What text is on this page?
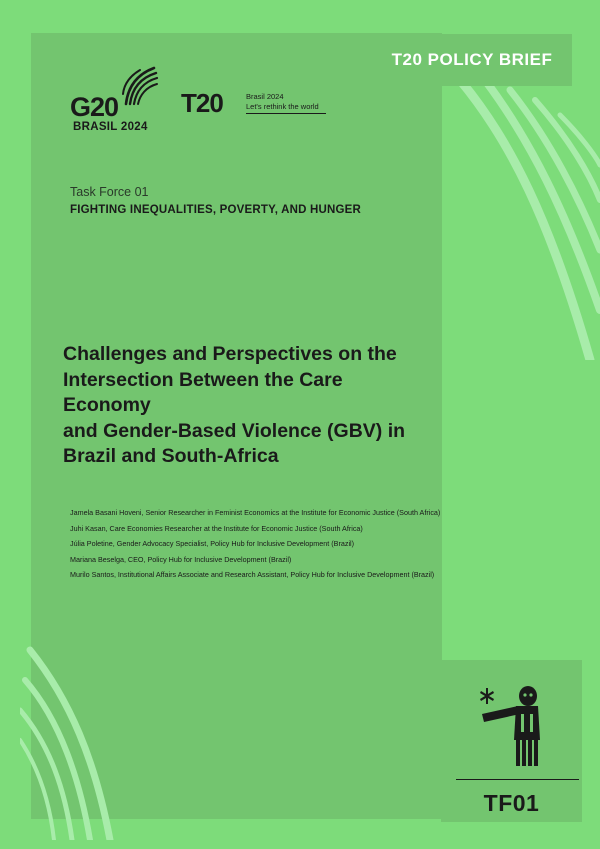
T20 POLICY BRIEF
G20
BRASIL 2024
T20	Brasil 2024
Let's rethink the world
Task Force 01
FIGHTING INEQUALITIES, POVERTY, AND HUNGER
Challenges and Perspectives on the
Intersection Between the Care Economy
and Gender-Based Violence (GBV) in
Brazil and South-Africa
Jamela Basani Hoveni, Senior Researcher in Feminist Economics at the Institute for Economic Justice (South Africa)
Juhi Kasan, Care Economies Researcher at the Institute for Economic Justice (South Africa)
Júlia Poletine, Gender Advocacy Specialist, Policy Hub for Inclusive Development (Brazil)
Mariana Beselga, CEO, Policy Hub for Inclusive Development (Brazil)
Murilo Santos, Institutional Affairs Associate and Research Assistant, Policy Hub for Inclusive Development (Brazil)
TF01
